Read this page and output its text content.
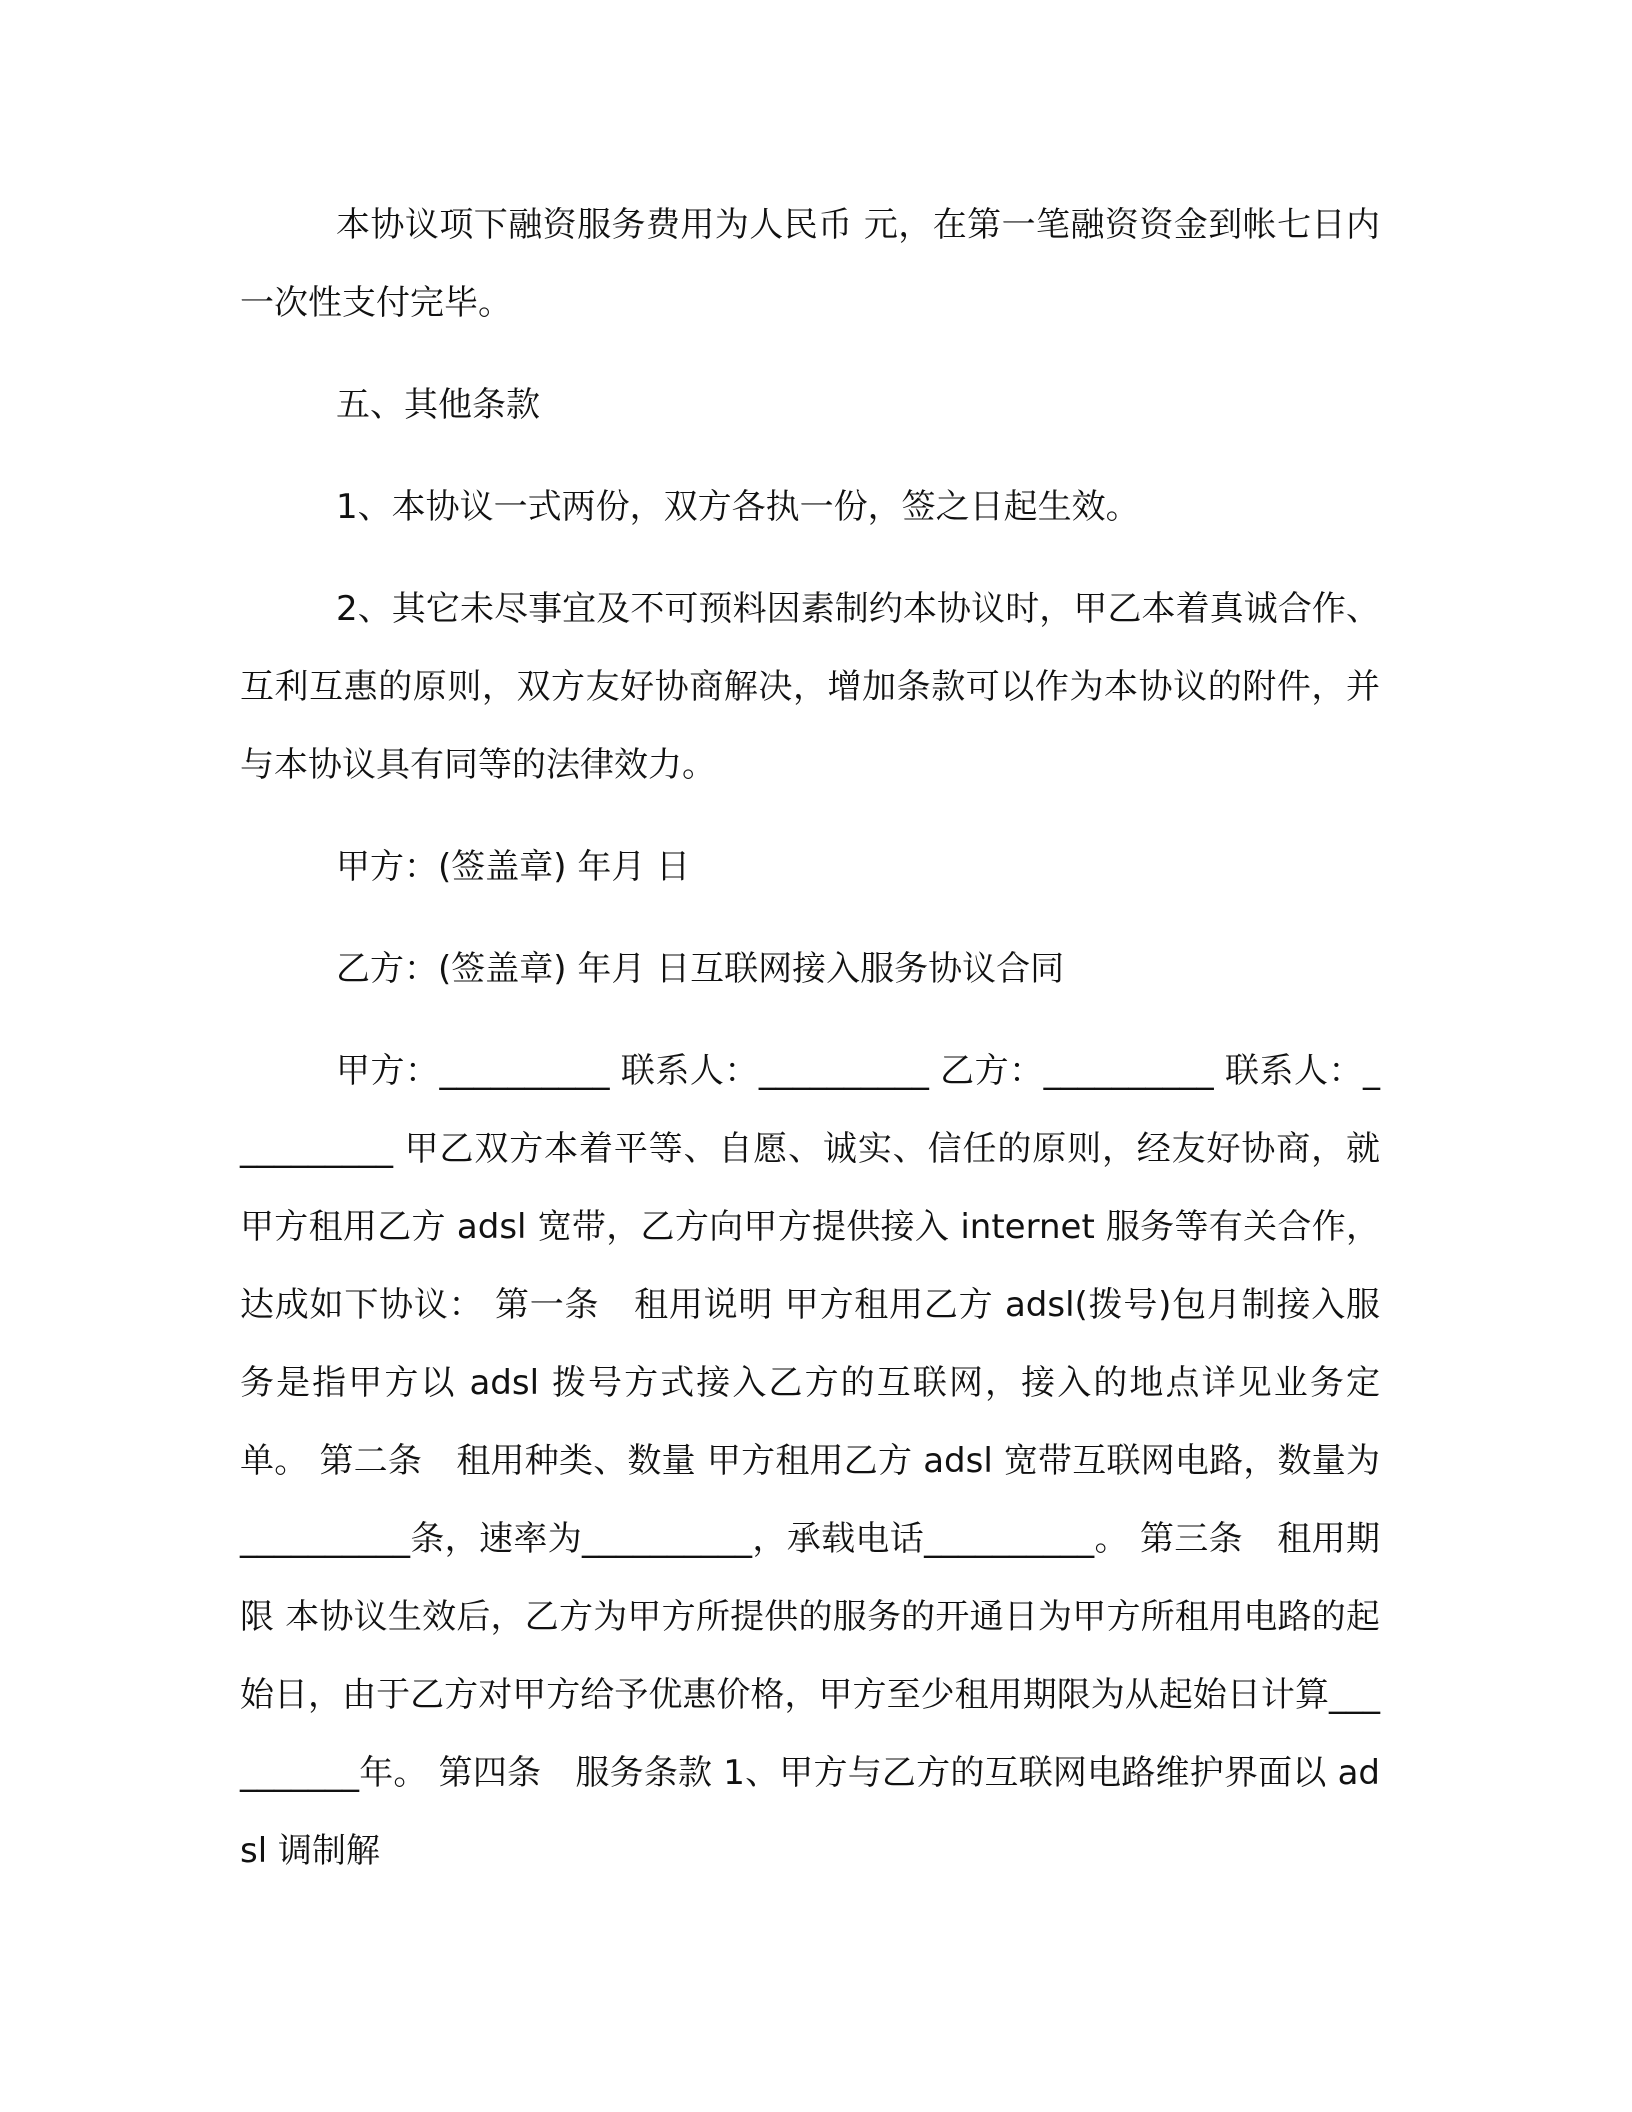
本协议项下融资服务费用为人民币 元，在第一笔融资资金到帐七日内一次性支付完毕。

五、其他条款

1、本协议一式两份，双方各执一份，签之日起生效。

2、其它未尽事宜及不可预料因素制约本协议时，甲乙本着真诚合作、互利互惠的原则，双方友好协商解决，增加条款可以作为本协议的附件，并与本协议具有同等的法律效力。

甲方：(签盖章) 年月 日

乙方：(签盖章) 年月 日互联网接入服务协议合同

甲方：__________ 联系人：__________ 乙方：__________ 联系人：__________ 甲乙双方本着平等、自愿、诚实、信任的原则，经友好协商，就甲方租用乙方 adsl 宽带，乙方向甲方提供接入 internet 服务等有关合作，达成如下协议： 第一条　租用说明 甲方租用乙方 adsl(拨号)包月制接入服务是指甲方以 adsl 拨号方式接入乙方的互联网，接入的地点详见业务定单。 第二条　租用种类、数量 甲方租用乙方 adsl 宽带互联网电路，数量为__________条，速率为__________，承载电话__________。 第三条　租用期限 本协议生效后，乙方为甲方所提供的服务的开通日为甲方所租用电路的起始日，由于乙方对甲方给予优惠价格，甲方至少租用期限为从起始日计算__________年。 第四条　服务条款 1、甲方与乙方的互联网电路维护界面以 adsl 调制解
